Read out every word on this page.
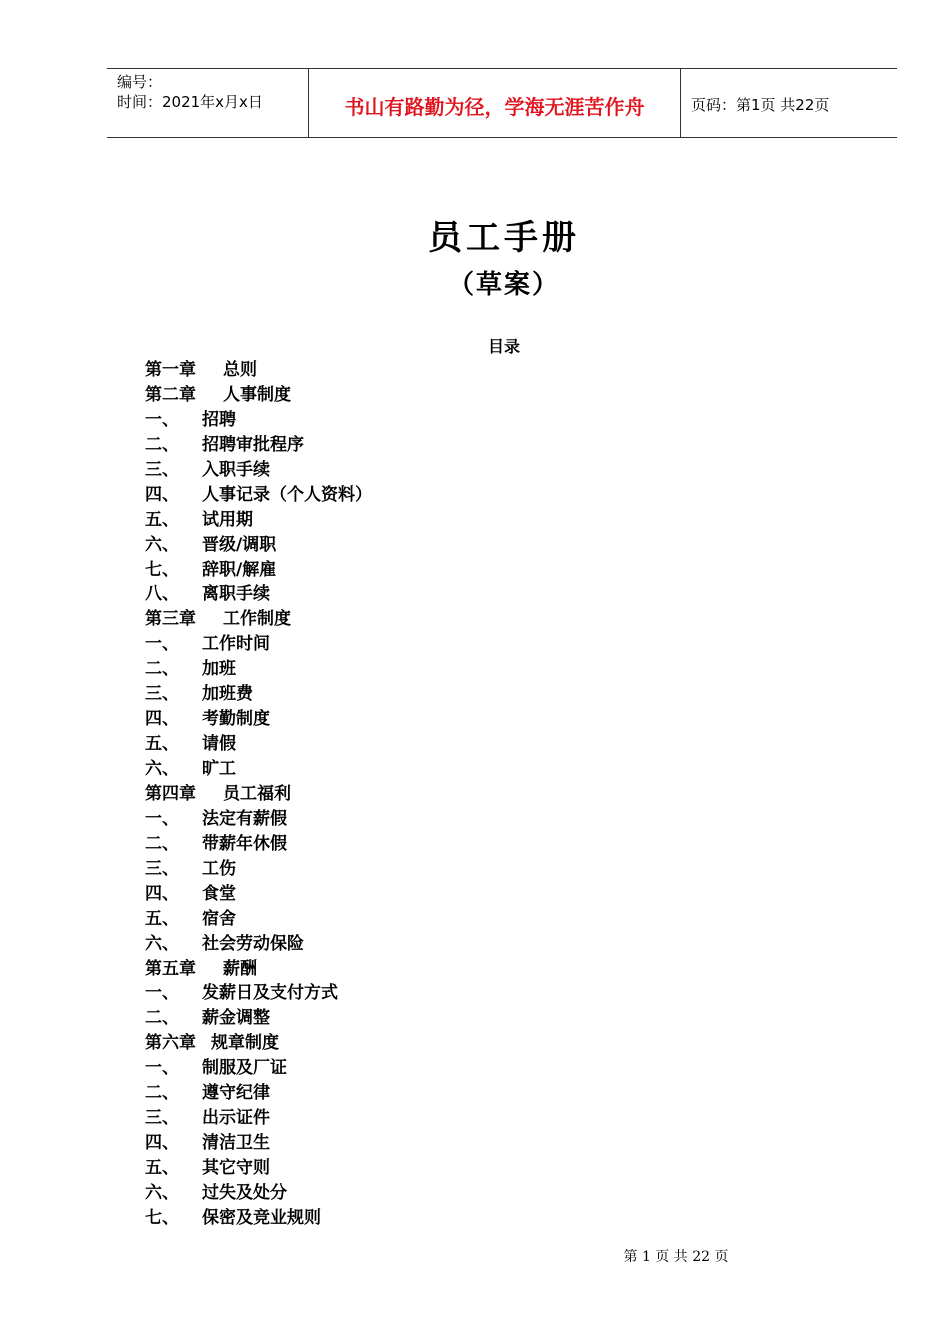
编号：
时间：2021年x月x日	书山有路勤为径，学海无涯苦作舟	页码：第1页 共22页
员工手册
（草案）
目录
第一章 总则
第二章 人事制度
一、 招聘
二、 招聘审批程序
三、 入职手续
四、 人事记录（个人资料）
五、 试用期
六、 晋级/调职
七、 辞职/解雇
八、 离职手续
第三章 工作制度
一、 工作时间
二、 加班
三、 加班费
四、 考勤制度
五、 请假
六、 旷工
第四章 员工福利
一、 法定有薪假
二、 带薪年休假
三、 工伤
四、 食堂
五、 宿舍
六、 社会劳动保险
第五章 薪酬
一、 发薪日及支付方式
二、 薪金调整
第六章 规章制度
一、 制服及厂证
二、 遵守纪律
三、 出示证件
四、 清洁卫生
五、 其它守则
六、 过失及处分
七、 保密及竞业规则
第 1 页 共 22 页
